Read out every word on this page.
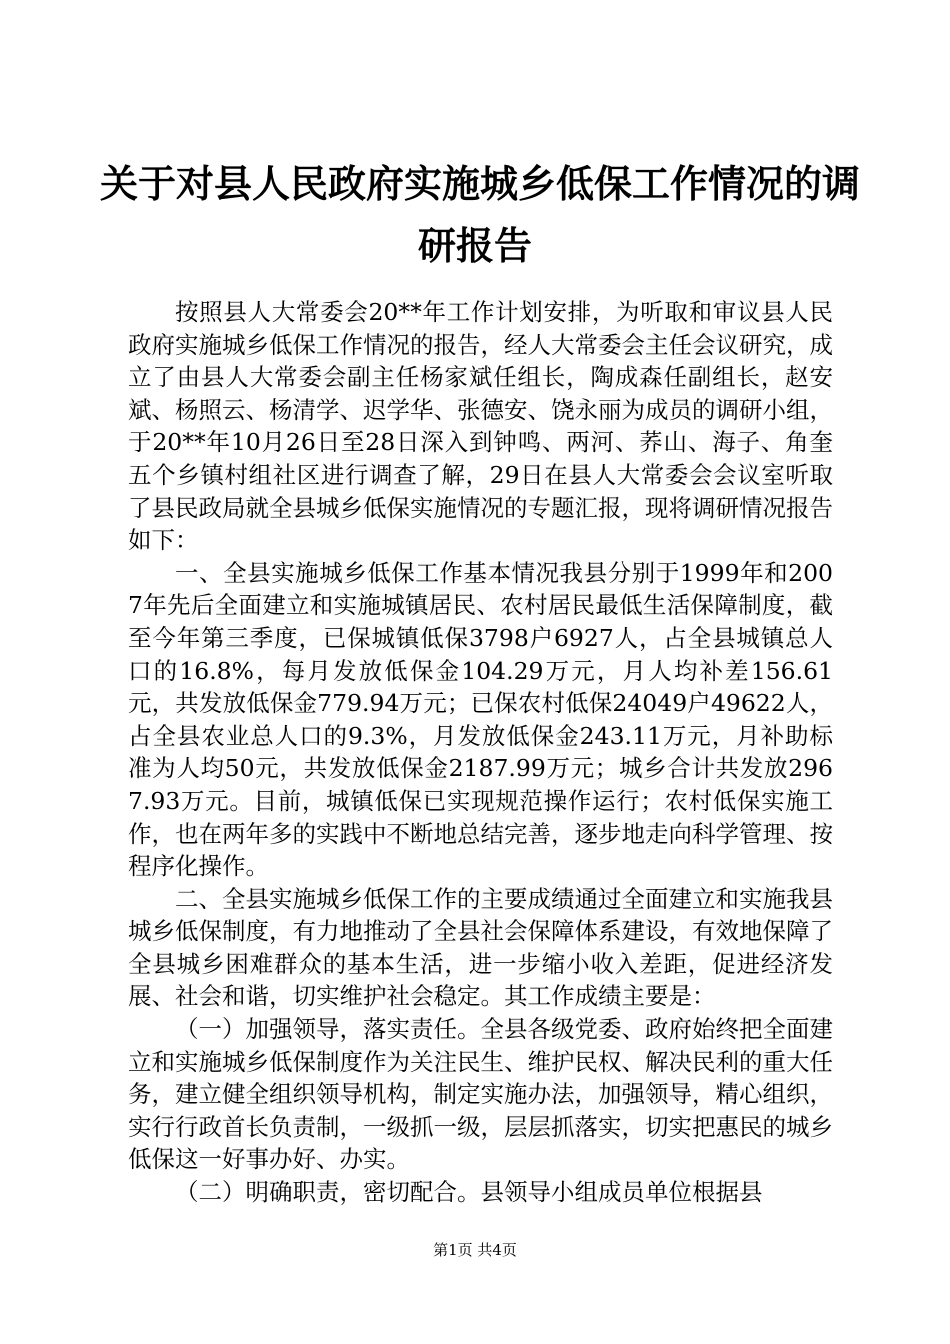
关于对县人民政府实施城乡低保工作情况的调
研报告

按照县人大常委会20**年工作计划安排，为听取和审议县人民政府实施城乡低保工作情况的报告，经人大常委会主任会议研究，成立了由县人大常委会副主任杨家斌任组长，陶成森任副组长，赵安斌、杨照云、杨清学、迟学华、张德安、饶永丽为成员的调研小组，于20**年10月26日至28日深入到钟鸣、两河、荞山、海子、角奎五个乡镇村组社区进行调查了解，29日在县人大常委会会议室听取了县民政局就全县城乡低保实施情况的专题汇报，现将调研情况报告如下：

一、全县实施城乡低保工作基本情况我县分别于1999年和2007年先后全面建立和实施城镇居民、农村居民最低生活保障制度，截至今年第三季度，已保城镇低保3798户6927人，占全县城镇总人口的16.8%，每月发放低保金104.29万元，月人均补差156.61元，共发放低保金779.94万元；已保农村低保24049户49622人，占全县农业总人口的9.3%，月发放低保金243.11万元，月补助标准为人均50元，共发放低保金2187.99万元；城乡合计共发放2967.93万元。目前，城镇低保已实现规范操作运行；农村低保实施工作，也在两年多的实践中不断地总结完善，逐步地走向科学管理、按程序化操作。

二、全县实施城乡低保工作的主要成绩通过全面建立和实施我县城乡低保制度，有力地推动了全县社会保障体系建设，有效地保障了全县城乡困难群众的基本生活，进一步缩小收入差距，促进经济发展、社会和谐，切实维护社会稳定。其工作成绩主要是：

（一）加强领导，落实责任。全县各级党委、政府始终把全面建立和实施城乡低保制度作为关注民生、维护民权、解决民利的重大任务，建立健全组织领导机构，制定实施办法，加强领导，精心组织，实行行政首长负责制，一级抓一级，层层抓落实，切实把惠民的城乡低保这一好事办好、办实。

（二）明确职责，密切配合。县领导小组成员单位根据县

第1页 共4页
